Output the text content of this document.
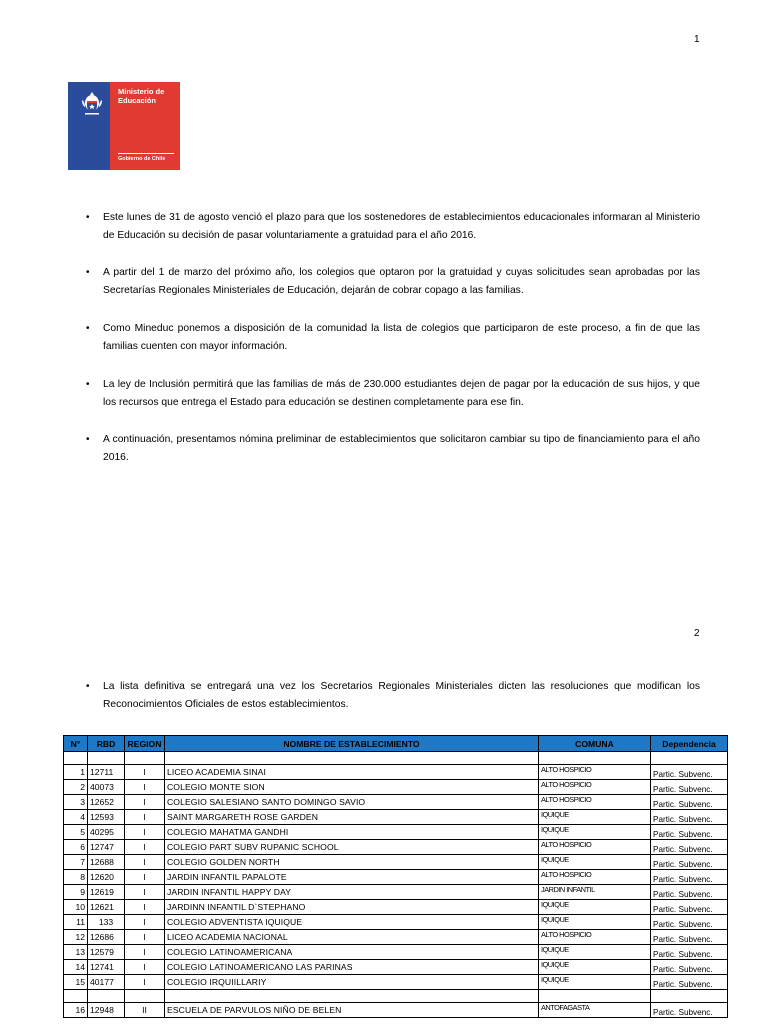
1
Ministerio de
Educación
Gobierno de Chile
• Este lunes de 31 de agosto venció el plazo para que los sostenedores de establecimientos educacionales informaran al Ministerio de Educación su decisión de pasar voluntariamente a gratuidad para el año 2016.
• A partir del 1 de marzo del próximo año, los colegios que optaron por la gratuidad y cuyas solicitudes sean aprobadas por las Secretarías Regionales Ministeriales de Educación, dejarán de cobrar copago a las familias.
• Como Mineduc ponemos a disposición de la comunidad la lista de colegios que participaron de este proceso, a fin de que las familias cuenten con mayor información.
• La ley de Inclusión permitirá que las familias de más de 230.000 estudiantes dejen de pagar por la educación de sus hijos, y que los recursos que entrega el Estado para educación se destinen completamente para ese fin.
• A continuación, presentamos nómina preliminar de establecimientos que solicitaron cambiar su tipo de financiamiento para el año 2016.
2
• La lista definitiva se entregará una vez los Secretarios Regionales Ministeriales dicten las resoluciones que modifican los Reconocimientos Oficiales de estos establecimientos.
N°	RBD	REGION	NOMBRE DE ESTABLECIMIENTO	COMUNA	Dependencia

1	12711	I	LICEO ACADEMIA SINAI	ALTO HOSPICIO	Partic. Subvenc.
2	40073	I	COLEGIO MONTE SION	ALTO HOSPICIO	Partic. Subvenc.
3	12652	I	COLEGIO SALESIANO SANTO DOMINGO SAVIO	ALTO HOSPICIO	Partic. Subvenc.
4	12593	I	SAINT MARGARETH ROSE GARDEN	IQUIQUE	Partic. Subvenc.
5	40295	I	COLEGIO MAHATMA GANDHI	IQUIQUE	Partic. Subvenc.
6	12747	I	COLEGIO PART SUBV RUPANIC SCHOOL	ALTO HOSPICIO	Partic. Subvenc.
7	12688	I	COLEGIO GOLDEN NORTH	IQUIQUE	Partic. Subvenc.
8	12620	I	JARDIN INFANTIL PAPALOTE	ALTO HOSPICIO	Partic. Subvenc.
9	12619	I	JARDIN INFANTIL HAPPY DAY	JARDIN INFANTIL	Partic. Subvenc.
10	12621	I	JARDINN INFANTIL D`STEPHANO	IQUIQUE	Partic. Subvenc.
11	133	I	COLEGIO ADVENTISTA IQUIQUE	IQUIQUE	Partic. Subvenc.
12	12686	I	LICEO ACADEMIA NACIONAL	ALTO HOSPICIO	Partic. Subvenc.
13	12579	I	COLEGIO LATINOAMERICANA	IQUIQUE	Partic. Subvenc.
14	12741	I	COLEGIO LATINOAMERICANO LAS PARINAS	IQUIQUE	Partic. Subvenc.
15	40177	I	COLEGIO IRQUIILLARIY	IQUIQUE	Partic. Subvenc.

16	12948	II	ESCUELA DE PARVULOS NIÑO DE BELEN	ANTOFAGASTA	Partic. Subvenc.
